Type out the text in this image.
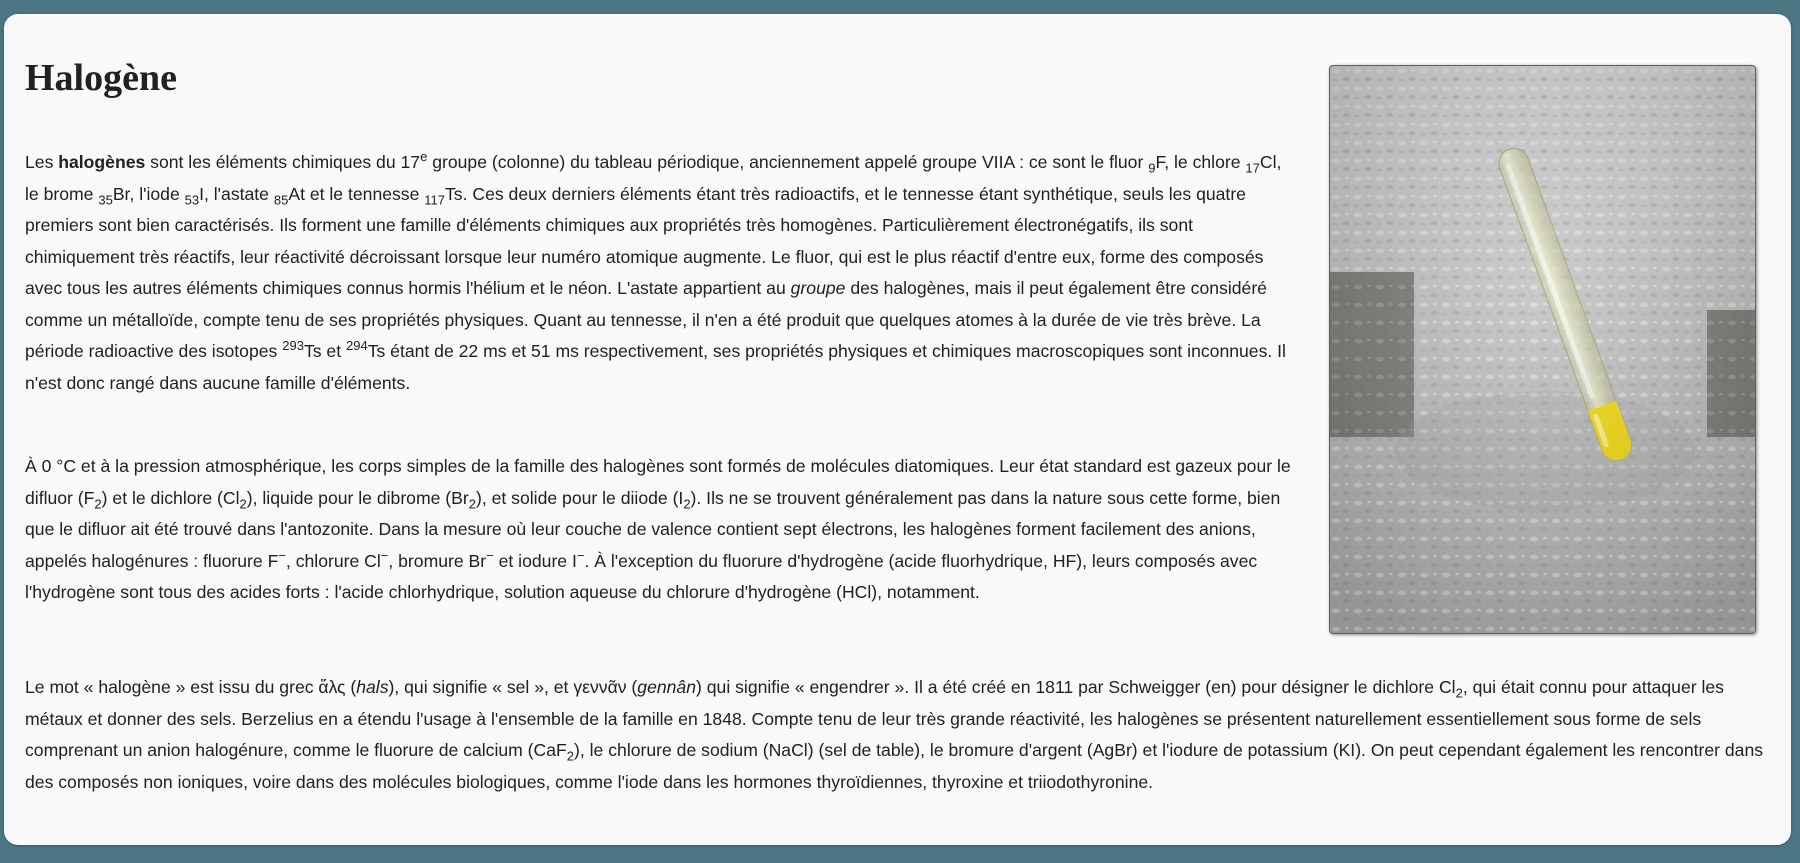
Halogène

Les halogènes sont les éléments chimiques du 17e groupe (colonne) du tableau périodique, anciennement appelé groupe VIIA : ce sont le fluor $_9$F, le chlore $_{17}$Cl, le brome $_{35}$Br, l'iode $_{53}$I, l'astate $_{85}$At et le tennesse $_{117}$Ts. Ces deux derniers éléments étant très radioactifs, et le tennesse étant synthétique, seuls les quatre premiers sont bien caractérisés. Ils forment une famille d'éléments chimiques aux propriétés très homogènes. Particulièrement électronégatifs, ils sont chimiquement très réactifs, leur réactivité décroissant lorsque leur numéro atomique augmente. Le fluor, qui est le plus réactif d'entre eux, forme des composés avec tous les autres éléments chimiques connus hormis l'hélium et le néon. L'astate appartient au groupe des halogènes, mais il peut également être considéré comme un métalloïde, compte tenu de ses propriétés physiques. Quant au tennesse, il n'en a été produit que quelques atomes à la durée de vie très brève. La période radioactive des isotopes $^{293}$Ts et $^{294}$Ts étant de 22 ms et 51 ms respectivement, ses propriétés physiques et chimiques macroscopiques sont inconnues. Il n'est donc rangé dans aucune famille d'éléments.

À 0 °C et à la pression atmosphérique, les corps simples de la famille des halogènes sont formés de molécules diatomiques. Leur état standard est gazeux pour le difluor $(F_2)$ et le dichlore $(Cl_2)$, liquide pour le dibrome $(Br_2)$, et solide pour le diiode $(I_2)$. Ils ne se trouvent généralement pas dans la nature sous cette forme, bien que le difluor ait été trouvé dans l'antozonite. Dans la mesure où leur couche de valence contient sept électrons, les halogènes forment facilement des anions, appelés halogénures : fluorure F−, chlorure Cl−, bromure Br− et iodure I−. À l'exception du fluorure d'hydrogène (acide fluorhydrique, HF), leurs composés avec l'hydrogène sont tous des acides forts : l'acide chlorhydrique, solution aqueuse du chlorure d'hydrogène (HCl), notamment.

Le mot « halogène » est issu du grec ἅλς (hals), qui signifie « sel », et γεννᾶν (gennân) qui signifie « engendrer ». Il a été créé en 1811 par Schweigger (en) pour désigner le dichlore $Cl_2$, qui était connu pour attaquer les métaux et donner des sels. Berzelius en a étendu l'usage à l'ensemble de la famille en 1848. Compte tenu de leur très grande réactivité, les halogènes se présentent naturellement essentiellement sous forme de sels comprenant un anion halogénure, comme le fluorure de calcium (CaF$_2$), le chlorure de sodium (NaCl) (sel de table), le bromure d'argent (AgBr) et l'iodure de potassium (KI). On peut cependant également les rencontrer dans des composés non ioniques, voire dans des molécules biologiques, comme l'iode dans les hormones thyroïdiennes, thyroxine et triiodothyronine.
